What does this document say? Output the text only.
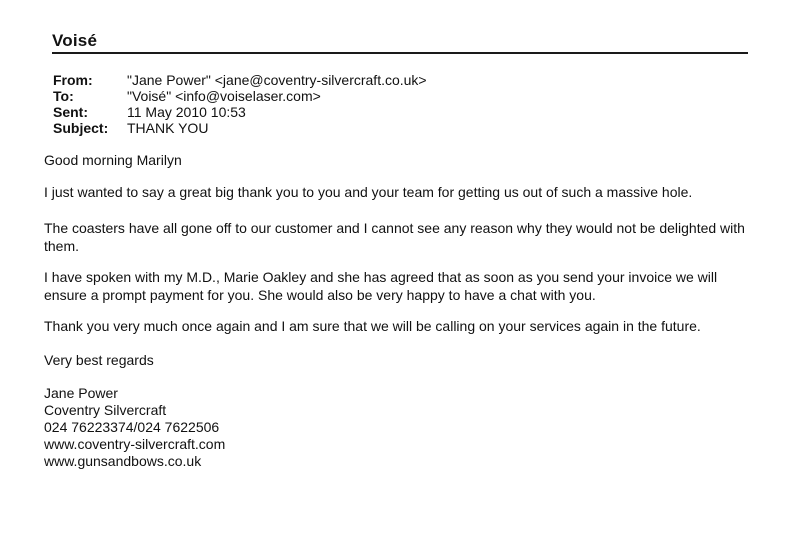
Voisé
From:	"Jane Power" <jane@coventry-silvercraft.co.uk>
To:	"Voisé" <info@voiselaser.com>
Sent:	11 May 2010 10:53
Subject:	THANK YOU

Good morning Marilyn

I just wanted to say a great big thank you to you and your team for getting us out of such a massive hole.

The coasters have all gone off to our customer and I cannot see any reason why they would not be delighted with them.

I have spoken with my M.D., Marie Oakley and she has agreed that as soon as you send your invoice we will ensure a prompt payment for you. She would also be very happy to have a chat with you.

Thank you very much once again and I am sure that we will be calling on your services again in the future.

Very best regards

Jane Power
Coventry Silvercraft
024 76223374/024 7622506
www.coventry-silvercraft.com
www.gunsandbows.co.uk
